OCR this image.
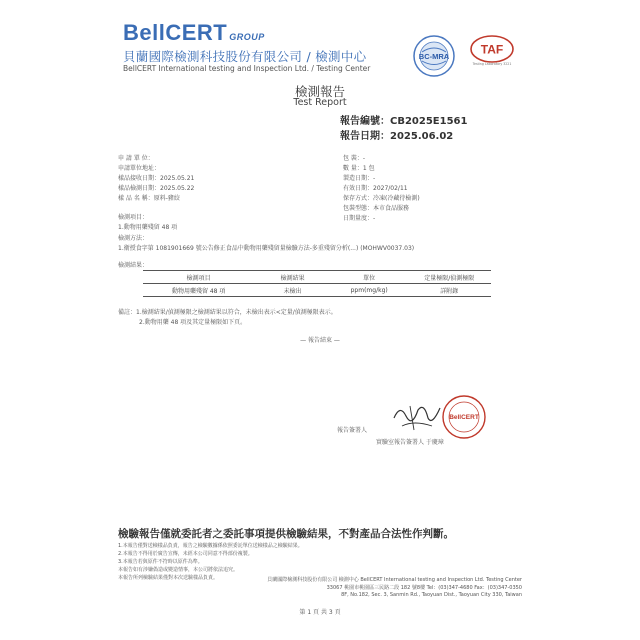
BellCERT GROUP
貝蘭國際檢測科技股份有限公司 / 檢測中心
BellCERT International testing and Inspection Ltd. / Testing Center
BC-MRA	TAF
Testing Laboratory 3221
檢測報告
Test Report
報告編號：CB2025E1561
報告日期：2025.06.02
申 請 單 位：
申請單位地址：
樣品接收日期：2025.05.21
樣品檢測日期：2025.05.22
樣 品 名 稱：原料-豬絞
包 裝：-
數 量：1 包
製造日期：-
有效日期：2027/02/11
保存方式：冷凍(冷藏待檢測)
包裝型態：本市食品服務
日期量度：-
檢測項目：
1.動物用藥殘留 48 項
檢測方法：
1.衛授食字第 1081901669 號公告修正食品中動物用藥殘留量檢驗方法-多重殘留分析(...) (MOHWV0037.03)
檢測結果：
檢測項目	檢測結果	單位	定量極限/偵測極限
動物用藥殘留 48 項	未檢出	ppm(mg/kg)	詳附錄
備註：1.檢測結果/偵測極限之檢測結果以符合，未檢出表示<定量/偵測極限表示。
2.動物用藥 48 項及其定量極限如下頁。
— 報告結束 —
BellCERT
報告簽署人
實驗室報告簽署人 于慶璋
檢驗報告僅就委託者之委託事項提供檢驗結果，不對產品合法性作判斷。
1.本報告僅對送檢樣品負責，報告之檢驗數據係依照委託單位送檢樣品之檢驗結果。
2.本報告不得用於廣告宣傳，未經本公司同意不得部份複製。
3.本報告若與原件不符時以原件為準。
本報告如有涉嫌偽造或變造情事，本公司將依法追究。
本報告所列檢驗結果僅對本次送驗樣品負責。	貝蘭國際檢測科技股份有限公司 檢測中心 BellCERT International testing and Inspection Ltd. Testing Center
33067 桃園市桃園區三民路二段 182 號8樓 Tel：(03)347-4680 Fax：(03)347-0350
8F, No.182, Sec. 3, Sanmin Rd., Taoyuan Dist., Taoyuan City 330, Taiwan
第 1 頁 共 3 頁
